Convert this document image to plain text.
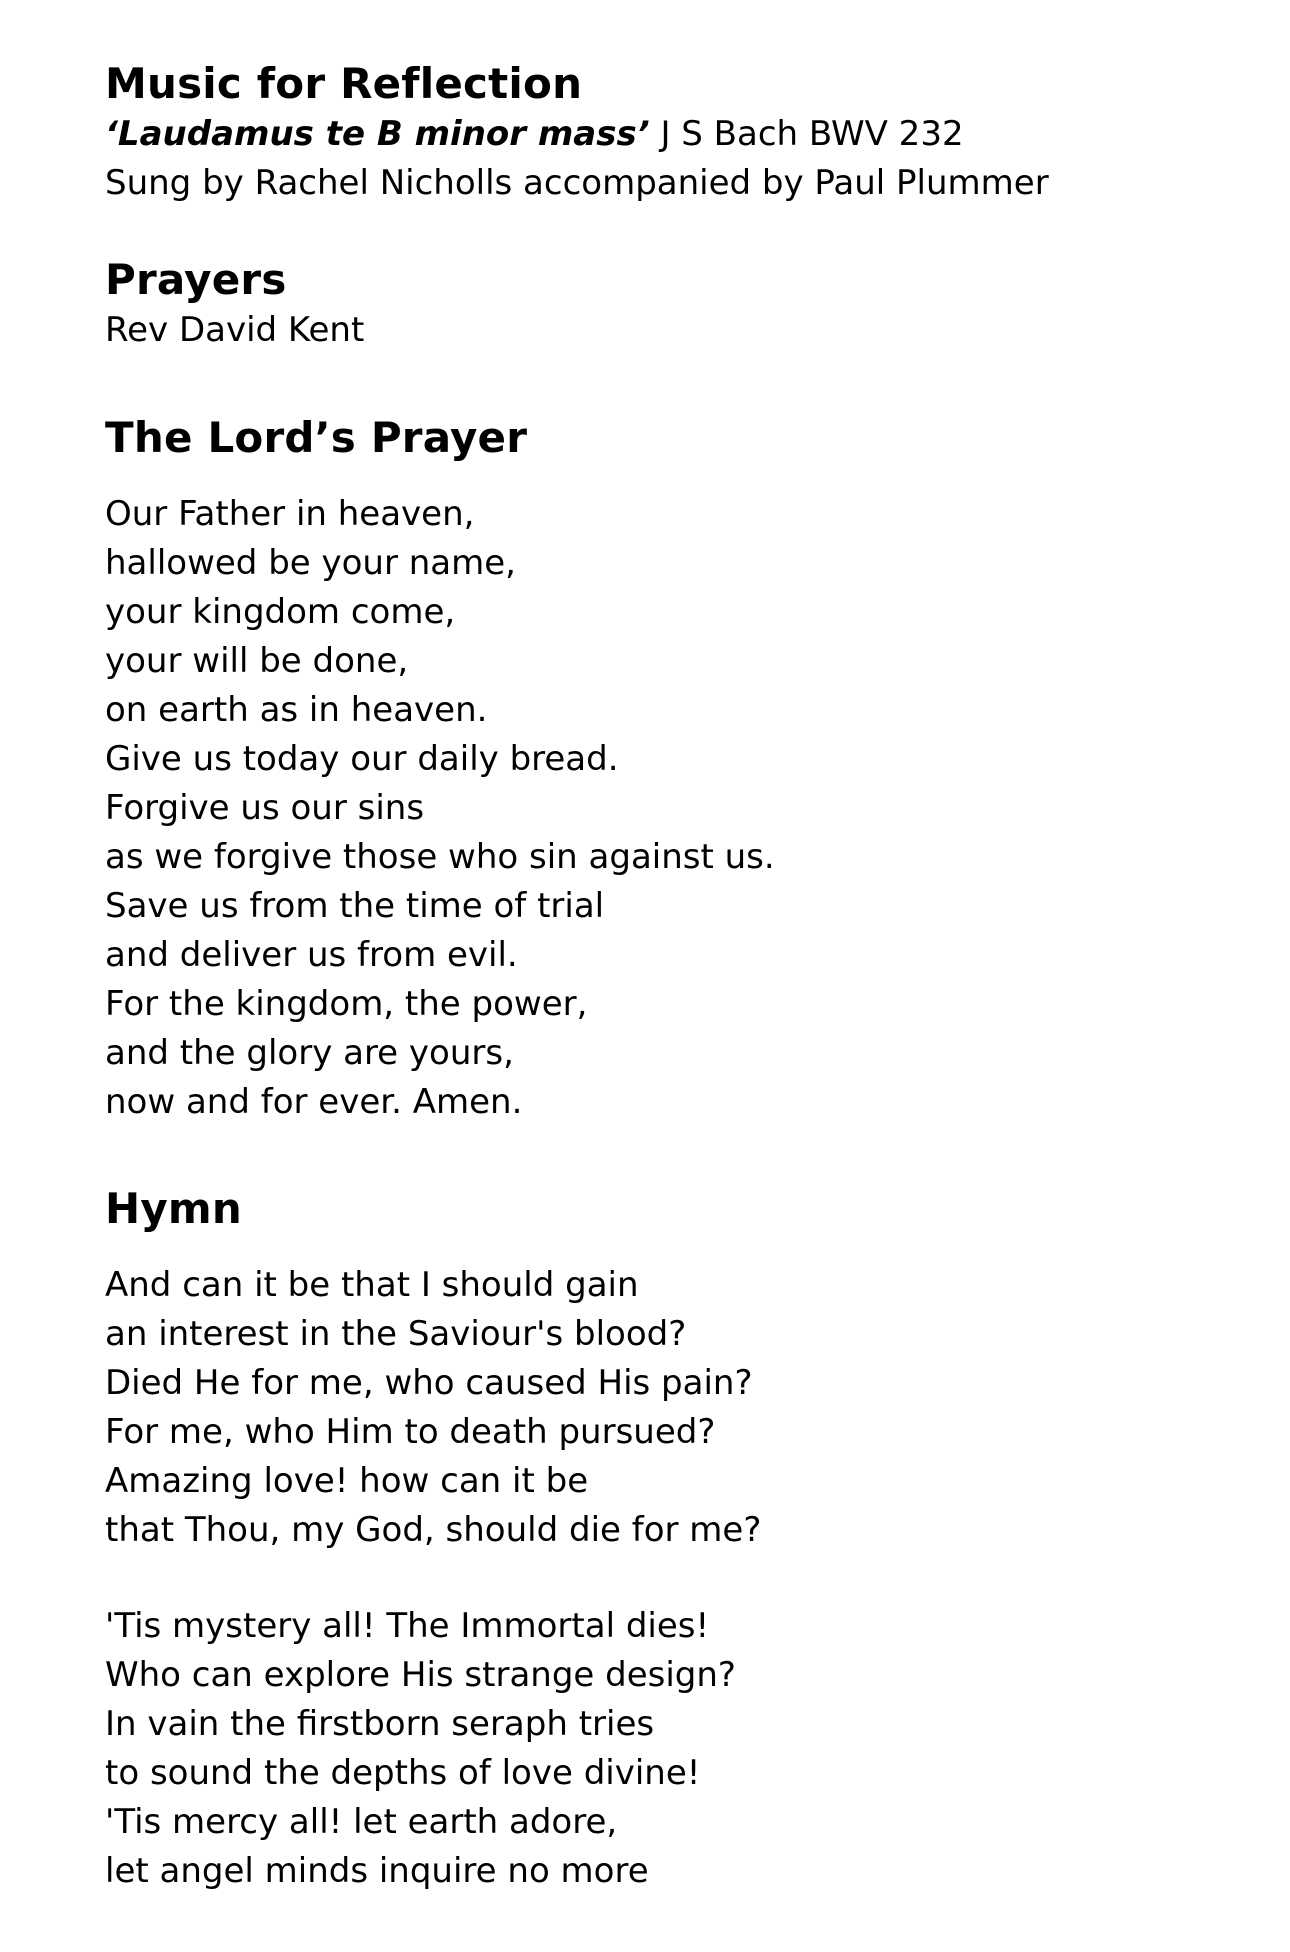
Music for Reflection

‘Laudamus te B minor mass’ J S Bach BWV 232

Sung by Rachel Nicholls accompanied by Paul Plummer

Prayers

Rev David Kent

The Lord’s Prayer

Our Father in heaven,

hallowed be your name,

your kingdom come,

your will be done,

on earth as in heaven.

Give us today our daily bread.

Forgive us our sins

as we forgive those who sin against us.

Save us from the time of trial

and deliver us from evil.

For the kingdom, the power,

and the glory are yours,

now and for ever. Amen.

Hymn

And can it be that I should gain

an interest in the Saviour's blood?

Died He for me, who caused His pain?

For me, who Him to death pursued?

Amazing love! how can it be

that Thou, my God, should die for me?

'Tis mystery all! The Immortal dies!

Who can explore His strange design?

In vain the firstborn seraph tries

to sound the depths of love divine!

'Tis mercy all! let earth adore,

let angel minds inquire no more
